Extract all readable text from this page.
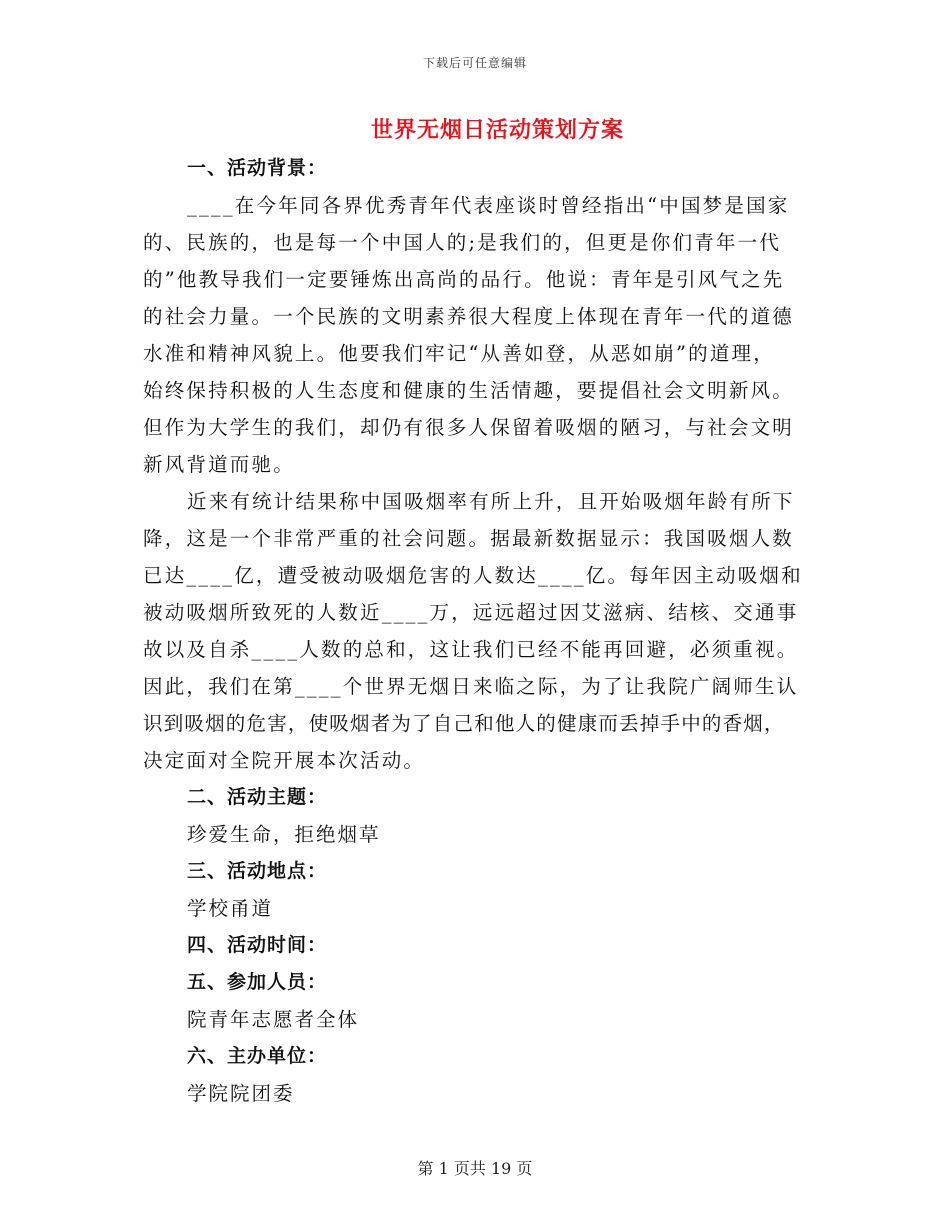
下载后可任意编辑
世界无烟日活动策划方案
一、活动背景：
____在今年同各界优秀青年代表座谈时曾经指出“中国梦是国家
的、民族的，也是每一个中国人的;是我们的，但更是你们青年一代
的”他教导我们一定要锤炼出高尚的品行。他说：青年是引风气之先
的社会力量。一个民族的文明素养很大程度上体现在青年一代的道德
水准和精神风貌上。他要我们牢记“从善如登，从恶如崩”的道理，
始终保持积极的人生态度和健康的生活情趣，要提倡社会文明新风。
但作为大学生的我们，却仍有很多人保留着吸烟的陋习，与社会文明
新风背道而驰。
近来有统计结果称中国吸烟率有所上升，且开始吸烟年龄有所下
降，这是一个非常严重的社会问题。据最新数据显示：我国吸烟人数
已达____亿，遭受被动吸烟危害的人数达____亿。每年因主动吸烟和
被动吸烟所致死的人数近____万，远远超过因艾滋病、结核、交通事
故以及自杀____人数的总和，这让我们已经不能再回避，必须重视。
因此，我们在第____个世界无烟日来临之际，为了让我院广阔师生认
识到吸烟的危害，使吸烟者为了自己和他人的健康而丢掉手中的香烟，
决定面对全院开展本次活动。
二、活动主题：
珍爱生命，拒绝烟草
三、活动地点：
学校甬道
四、活动时间：
五、参加人员：
院青年志愿者全体
六、主办单位：
学院院团委
第 1 页共 19 页
